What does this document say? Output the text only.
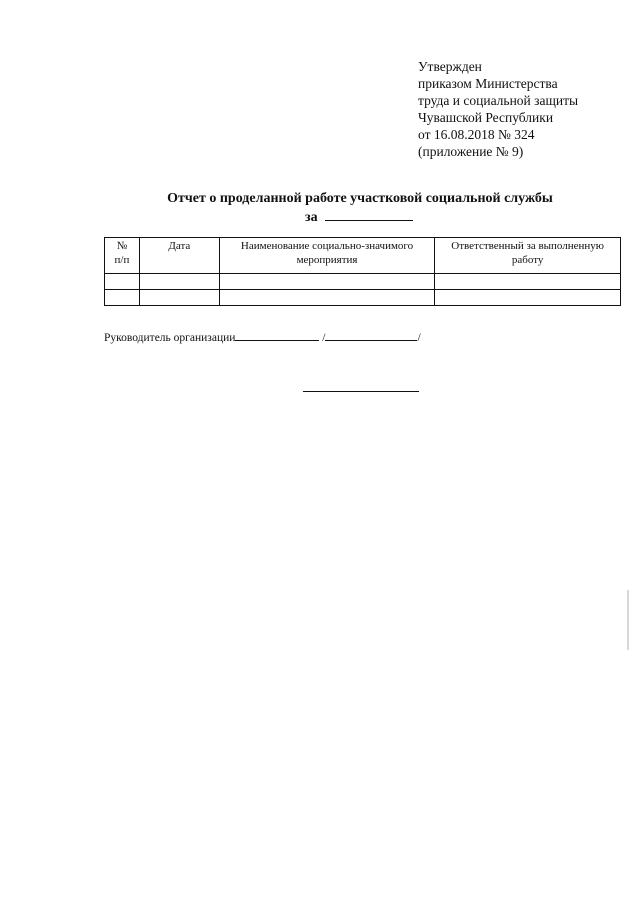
Утвержден
приказом Министерства
труда и социальной защиты
Чувашской Республики
от 16.08.2018 № 324
(приложение № 9)
Отчет о проделанной работе участковой социальной службы
за
№
п/п	Дата	Наименование социально-значимого мероприятия	Ответственный за выполненную работу

Руководитель организации	/	/
